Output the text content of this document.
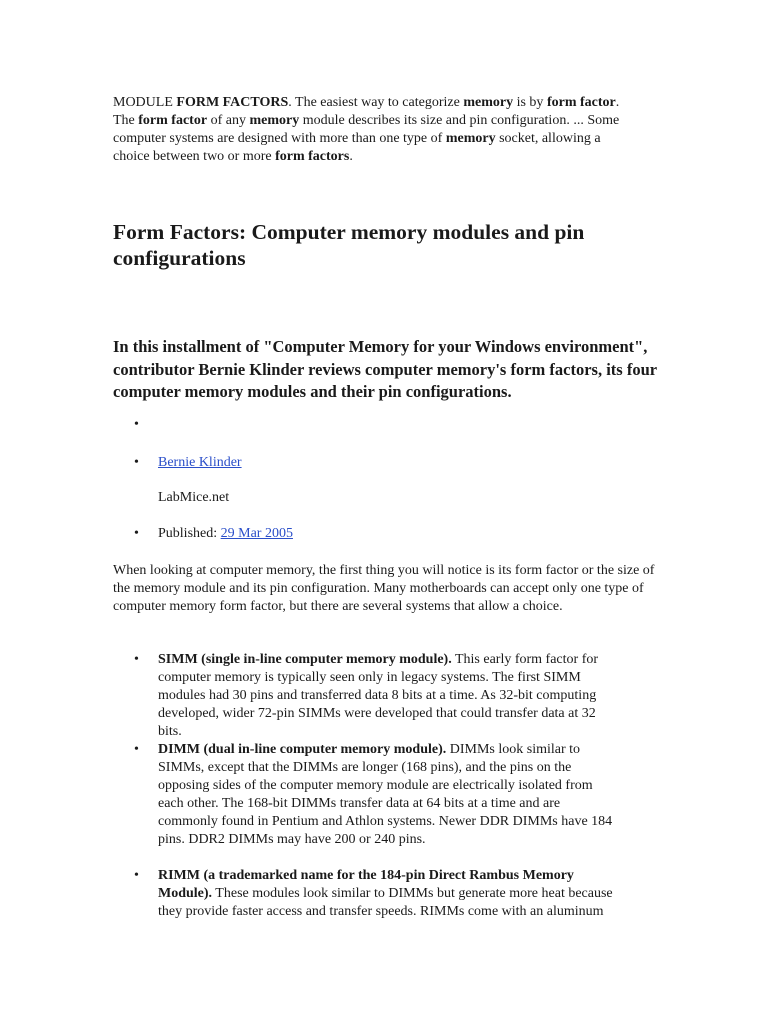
MODULE FORM FACTORS. The easiest way to categorize memory is by form factor. The form factor of any memory module describes its size and pin configuration. ... Some computer systems are designed with more than one type of memory socket, allowing a choice between two or more form factors.

Form Factors: Computer memory modules and pin configurations
In this installment of "Computer Memory for your Windows environment", contributor Bernie Klinder reviews computer memory's form factors, its four computer memory modules and their pin configurations.
•
• Bernie Klinder
LabMice.net
• Published: 29 Mar 2005

When looking at computer memory, the first thing you will notice is its form factor or the size of the memory module and its pin configuration. Many motherboards can accept only one type of computer memory form factor, but there are several systems that allow a choice.

• SIMM (single in-line computer memory module). This early form factor for computer memory is typically seen only in legacy systems. The first SIMM modules had 30 pins and transferred data 8 bits at a time. As 32-bit computing developed, wider 72-pin SIMMs were developed that could transfer data at 32 bits.
• DIMM (dual in-line computer memory module). DIMMs look similar to SIMMs, except that the DIMMs are longer (168 pins), and the pins on the opposing sides of the computer memory module are electrically isolated from each other. The 168-bit DIMMs transfer data at 64 bits at a time and are commonly found in Pentium and Athlon systems. Newer DDR DIMMs have 184 pins. DDR2 DIMMs may have 200 or 240 pins.
• RIMM (a trademarked name for the 184-pin Direct Rambus Memory Module). These modules look similar to DIMMs but generate more heat because they provide faster access and transfer speeds. RIMMs come with an aluminum
